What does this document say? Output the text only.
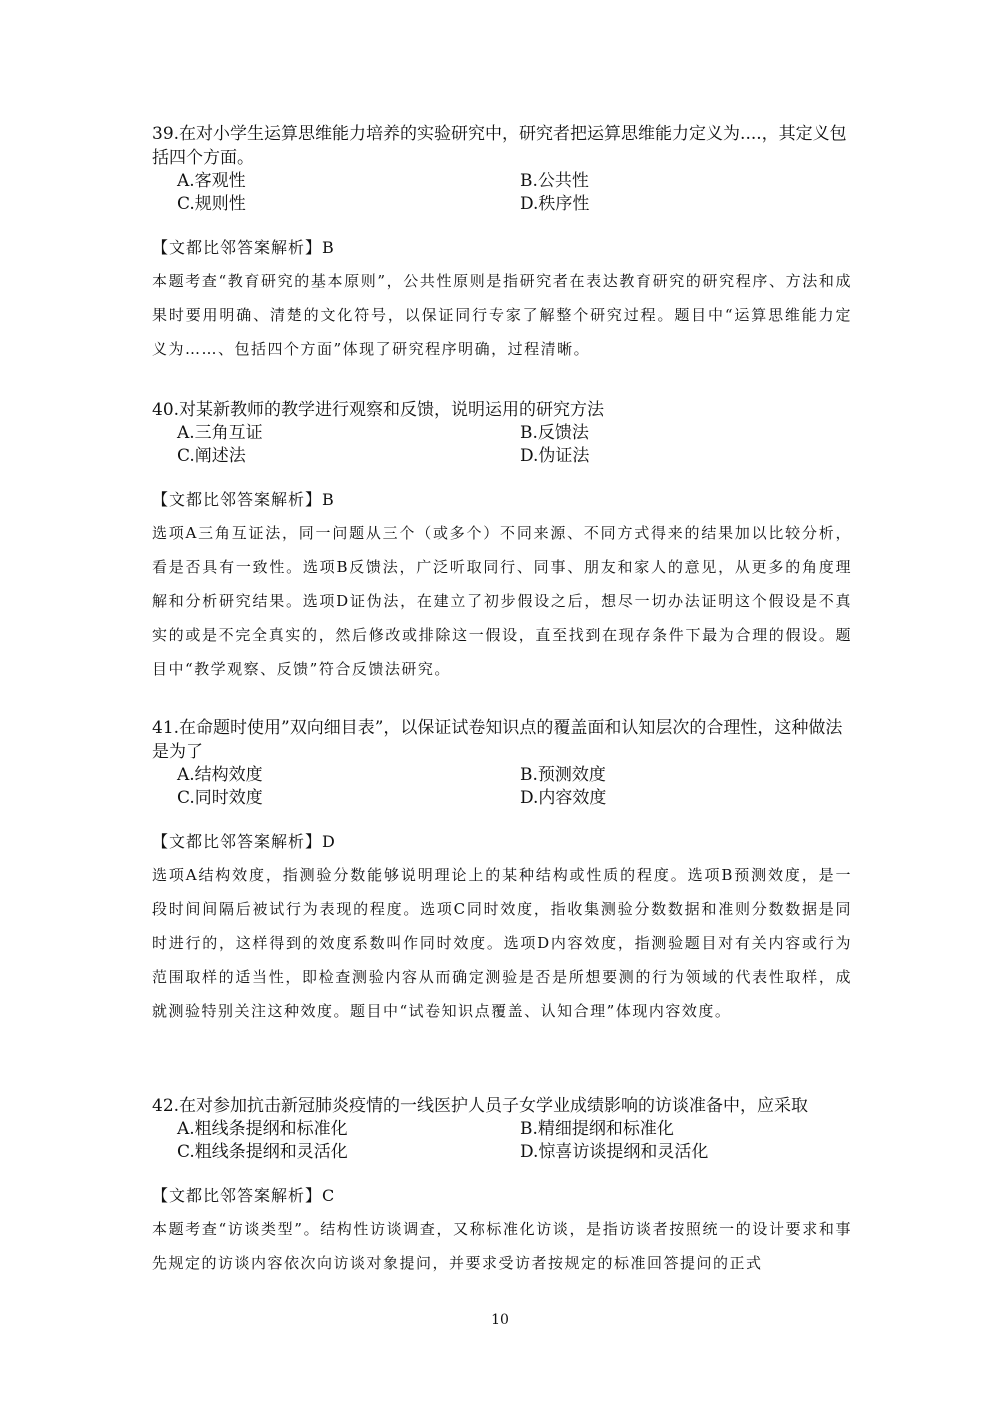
39.在对小学生运算思维能力培养的实验研究中，研究者把运算思维能力定义为....，其定义包括四个方面。

A.客观性	B.公共性
C.规则性	D.秩序性
【文都比邻答案解析】B
本题考查“教育研究的基本原则”，公共性原则是指研究者在表达教育研究的研究程序、方法和成果时要用明确、清楚的文化符号，以保证同行专家了解整个研究过程。题目中“运算思维能力定义为……、包括四个方面”体现了研究程序明确，过程清晰。

40.对某新教师的教学进行观察和反馈，说明运用的研究方法

A.三角互证	B.反馈法
C.阐述法	D.伪证法
【文都比邻答案解析】B
选项A三角互证法，同一问题从三个（或多个）不同来源、不同方式得来的结果加以比较分析，看是否具有一致性。选项B反馈法，广泛听取同行、同事、朋友和家人的意见，从更多的角度理解和分析研究结果。选项D证伪法，在建立了初步假设之后，想尽一切办法证明这个假设是不真实的或是不完全真实的，然后修改或排除这一假设，直至找到在现存条件下最为合理的假设。题目中“教学观察、反馈”符合反馈法研究。

41.在命题时使用”双向细目表”，以保证试卷知识点的覆盖面和认知层次的合理性，这种做法是为了

A.结构效度	B.预测效度
C.同时效度	D.内容效度
【文都比邻答案解析】D
选项A结构效度，指测验分数能够说明理论上的某种结构或性质的程度。选项B预测效度，是一段时间间隔后被试行为表现的程度。选项C同时效度，指收集测验分数数据和准则分数数据是同时进行的，这样得到的效度系数叫作同时效度。选项D内容效度，指测验题目对有关内容或行为范围取样的适当性，即检查测验内容从而确定测验是否是所想要测的行为领域的代表性取样，成就测验特别关注这种效度。题目中“试卷知识点覆盖、认知合理”体现内容效度。

42.在对参加抗击新冠肺炎疫情的一线医护人员子女学业成绩影响的访谈准备中，应采取

A.粗线条提纲和标准化	B.精细提纲和标准化
C.粗线条提纲和灵活化	D.惊喜访谈提纲和灵活化
【文都比邻答案解析】C
本题考查“访谈类型”。结构性访谈调查，又称标准化访谈，是指访谈者按照统一的设计要求和事先规定的访谈内容依次向访谈对象提问，并要求受访者按规定的标准回答提问的正式
10
